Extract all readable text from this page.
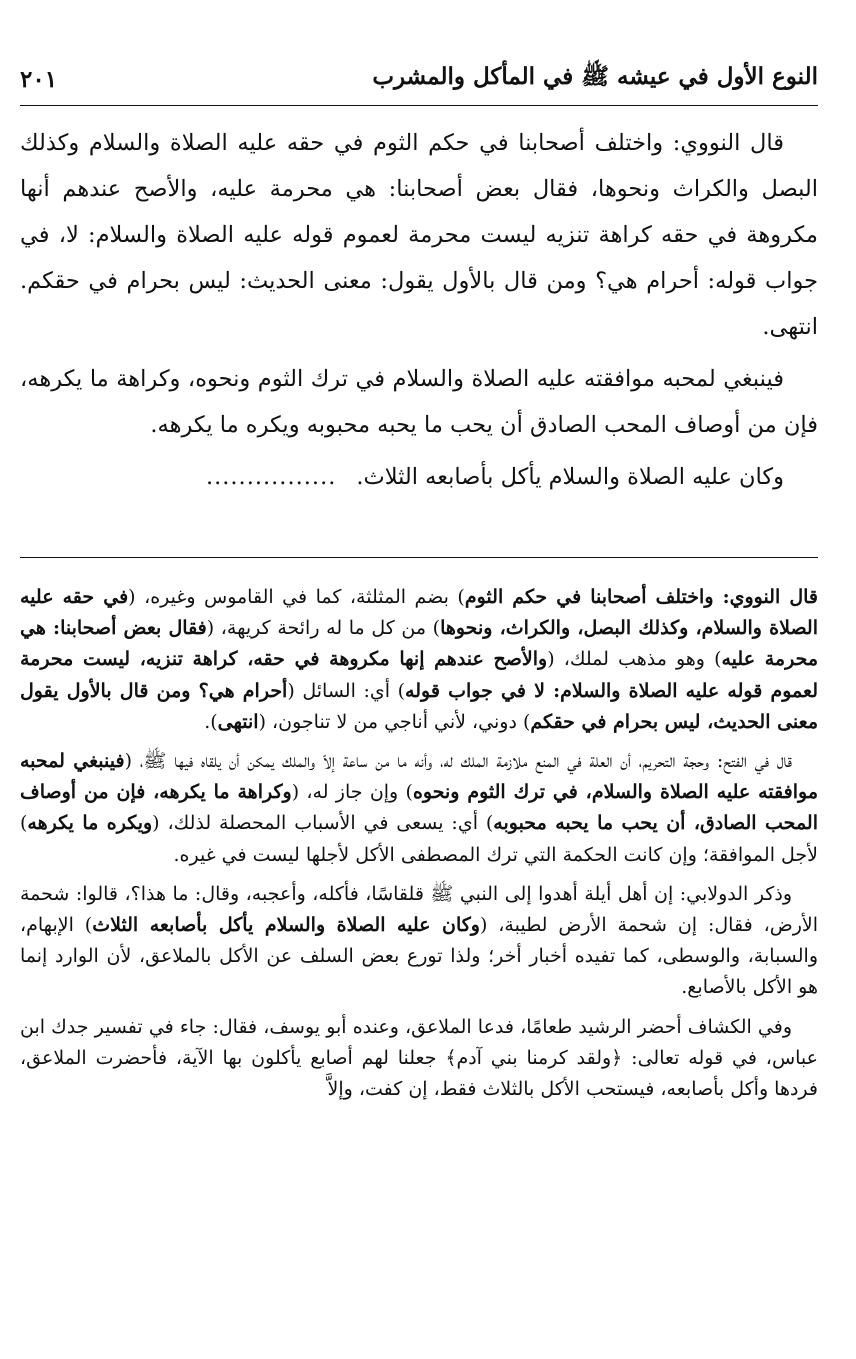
النوع الأول في عيشه ﷺ في المأكل والمشرب
٢٠١

قال النووي: واختلف أصحابنا في حكم الثوم في حقه عليه الصلاة والسلام وكذلك البصل والكراث ونحوها، فقال بعض أصحابنا: هي محرمة عليه، والأصح عندهم أنها مكروهة في حقه كراهة تنزيه ليست محرمة لعموم قوله عليه الصلاة والسلام: لا، في جواب قوله: أحرام هي؟ ومن قال بالأول يقول: معنى الحديث: ليس بحرام في حقكم. انتهى.

فينبغي لمحبه موافقته عليه الصلاة والسلام في ترك الثوم ونحوه، وكراهة ما يكرهه، فإن من أوصاف المحب الصادق أن يحب ما يحبه محبوبه ويكره ما يكرهه.

وكان عليه الصلاة والسلام يأكل بأصابعه الثلاث.
................

قال النووي: واختلف أصحابنا في حكم الثوم) بضم المثلثة، كما في القاموس وغيره، (في حقه عليه الصلاة والسلام، وكذلك البصل، والكراث، ونحوها) من كل ما له رائحة كريهة، (فقال بعض أصحابنا: هي محرمة عليه) وهو مذهب لملك، (والأصح عندهم إنها مكروهة في حقه، كراهة تنزيه، ليست محرمة لعموم قوله عليه الصلاة والسلام: لا في جواب قوله) أي: السائل (أحرام هي؟ ومن قال بالأول يقول معنى الحديث، ليس بحرام في حقكم) دوني، لأني أناجي من لا تناجون، (انتهى).

قال في الفتح: وحجة التحريم، أن العلة في المنع ملازمة الملك له، وأنه ما من ساعة إلاّ والملك يمكن أن يلقاه فيها ﷺ، (فينبغي لمحبه موافقته عليه الصلاة والسلام، في ترك الثوم ونحوه) وإن جاز له، (وكراهة ما يكرهه، فإن من أوصاف المحب الصادق، أن يحب ما يحبه محبوبه) أي: يسعى في الأسباب المحصلة لذلك، (ويكره ما يكرهه) لأجل الموافقة؛ وإن كانت الحكمة التي ترك المصطفى الأكل لأجلها ليست في غيره.

وذكر الدولابي: إن أهل أيلة أهدوا إلى النبي ﷺ قلقاسًا، فأكله، وأعجبه، وقال: ما هذا؟، قالوا: شحمة الأرض، فقال: إن شحمة الأرض لطيبة، (وكان عليه الصلاة والسلام يأكل بأصابعه الثلاث) الإبهام، والسبابة، والوسطى، كما تفيده أخبار أخر؛ ولذا تورع بعض السلف عن الأكل بالملاعق، لأن الوارد إنما هو الأكل بالأصابع.

وفي الكشاف أحضر الرشيد طعامًا، فدعا الملاعق، وعنده أبو يوسف، فقال: جاء في تفسير جدك ابن عباس، في قوله تعالى: ﴿ولقد كرمنا بني آدم﴾ جعلنا لهم أصابع يأكلون بها الآية، فأحضرت الملاعق، فردها وأكل بأصابعه، فيستحب الأكل بالثلاث فقط، إن كفت، وإلاَّ
